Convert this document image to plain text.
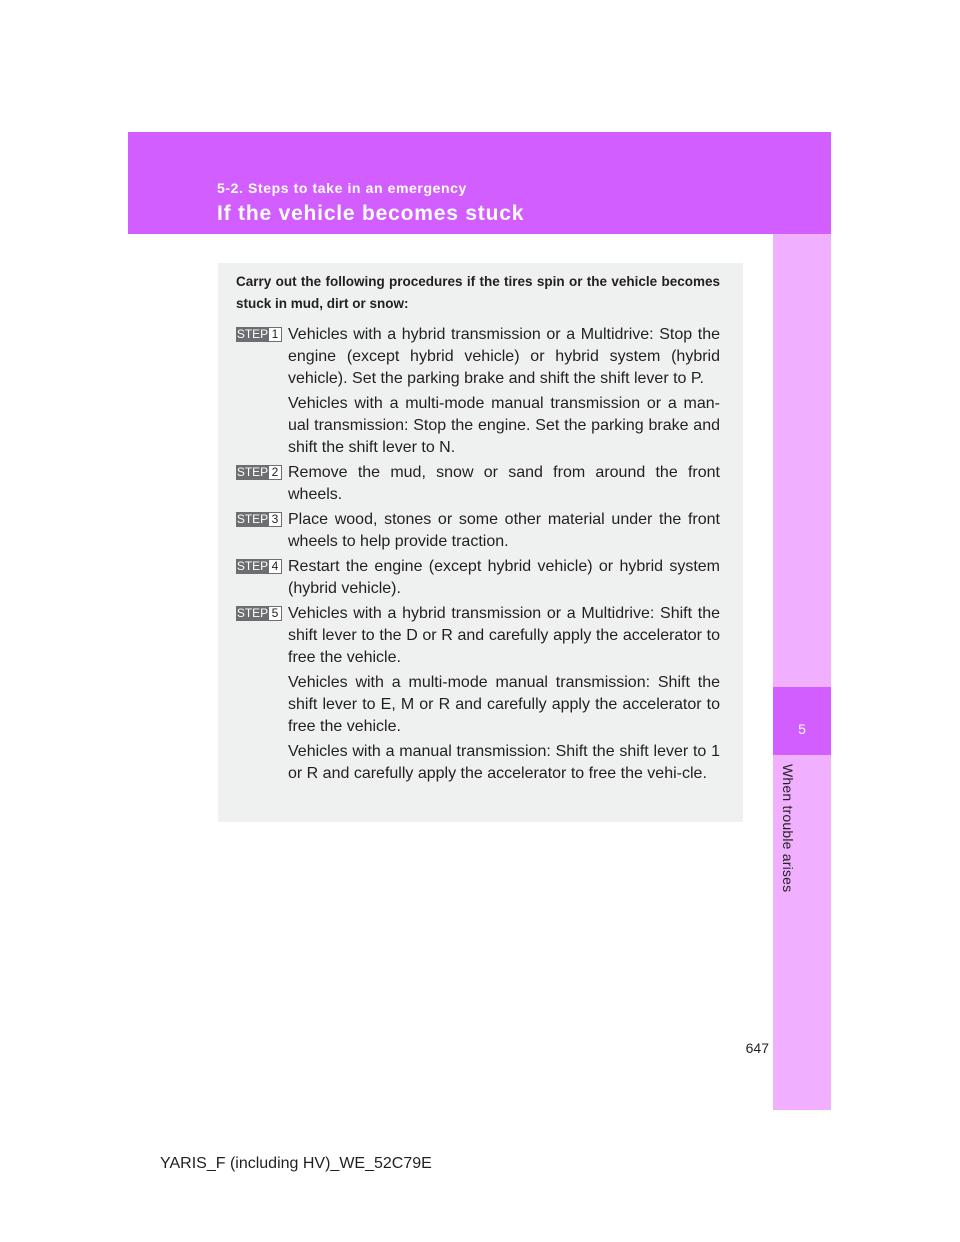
5-2. Steps to take in an emergency

If the vehicle becomes stuck
5
When trouble arises

Carry out the following procedures if the tires spin or the vehicle becomes stuck in mud, dirt or snow:

STEP 1 Vehicles with a hybrid transmission or a Multidrive: Stop the engine (except hybrid vehicle) or hybrid system (hybrid vehicle). Set the parking brake and shift the shift lever to P.

Vehicles with a multi-mode manual transmission or a man-ual transmission: Stop the engine. Set the parking brake and shift the shift lever to N.

STEP 2 Remove the mud, snow or sand from around the front wheels.

STEP 3 Place wood, stones or some other material under the front wheels to help provide traction.

STEP 4 Restart the engine (except hybrid vehicle) or hybrid system (hybrid vehicle).

STEP 5 Vehicles with a hybrid transmission or a Multidrive: Shift the shift lever to the D or R and carefully apply the accelerator to free the vehicle.

Vehicles with a multi-mode manual transmission: Shift the shift lever to E, M or R and carefully apply the accelerator to free the vehicle.

Vehicles with a manual transmission: Shift the shift lever to 1 or R and carefully apply the accelerator to free the vehi-cle.

647
YARIS_F (including HV)_WE_52C79E
